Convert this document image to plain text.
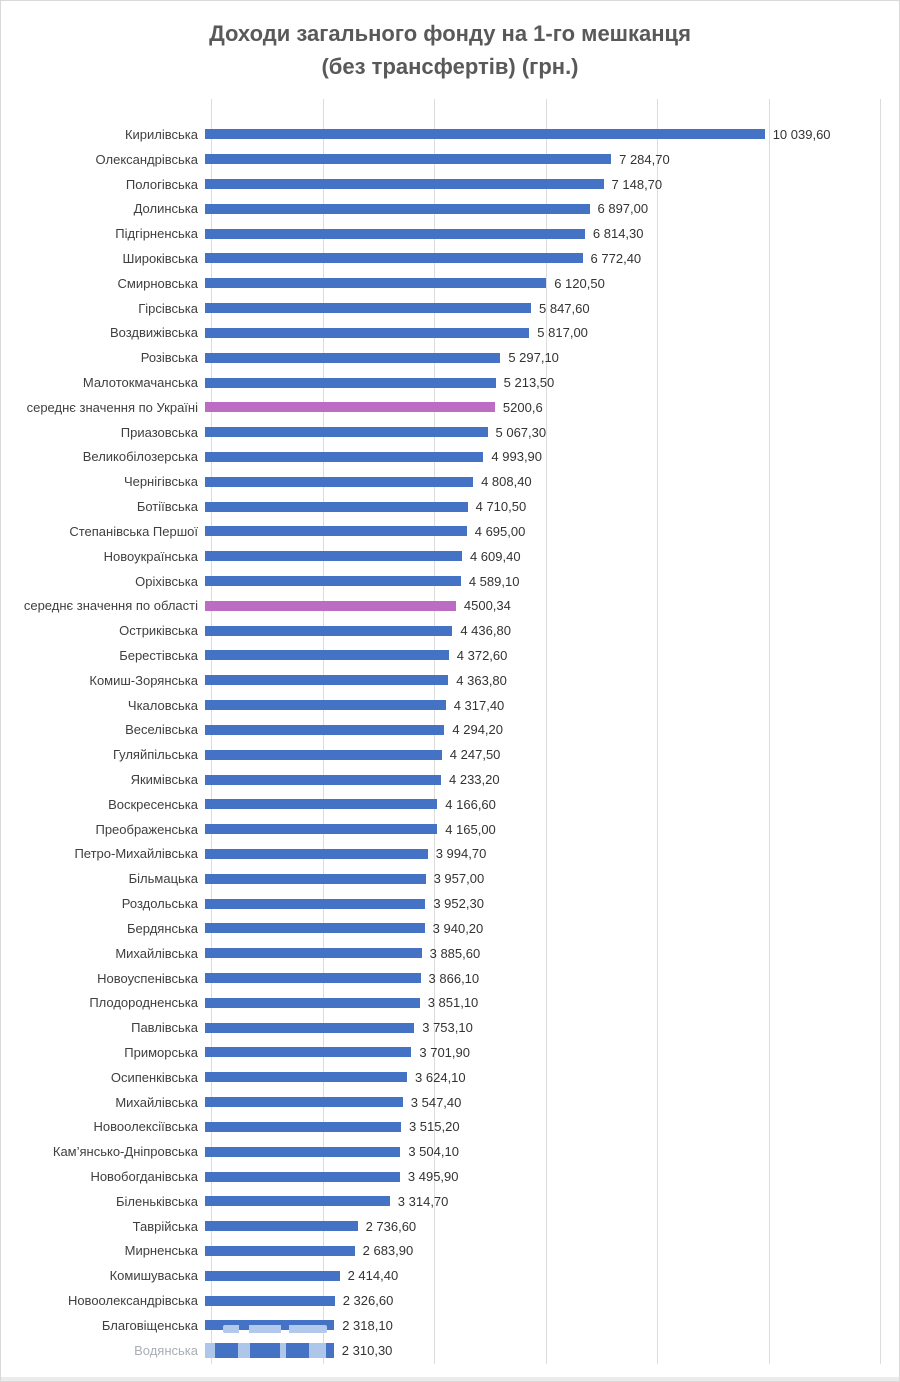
Доходи загального фонду на 1-го мешканця
(без трансфертів) (грн.)
Кирилівська	10 039,60
Олександрівська	7 284,70
Пологівська	7 148,70
Долинська	6 897,00
Підгірненська	6 814,30
Широківська	6 772,40
Смирновська	6 120,50
Гірсівська	5 847,60
Воздвижівська	5 817,00
Розівська	5 297,10
Малотокмачанська	5 213,50
середнє значення по Україні	5200,6
Приазовська	5 067,30
Великобілозерська	4 993,90
Чернігівська	4 808,40
Ботіївська	4 710,50
Степанівська Першої	4 695,00
Новоукраїнська	4 609,40
Оріхівська	4 589,10
середнє значення по області	4500,34
Остриківська	4 436,80
Берестівська	4 372,60
Комиш-Зорянська	4 363,80
Чкаловська	4 317,40
Веселівська	4 294,20
Гуляйпільська	4 247,50
Якимівська	4 233,20
Воскресенська	4 166,60
Преображенська	4 165,00
Петро-Михайлівська	3 994,70
Більмацька	3 957,00
Роздольська	3 952,30
Бердянська	3 940,20
Михайлівська	3 885,60
Новоуспенівська	3 866,10
Плодородненська	3 851,10
Павлівська	3 753,10
Приморська	3 701,90
Осипенківська	3 624,10
Михайлівська	3 547,40
Новоолексіївська	3 515,20
Кам’янсько-Дніпровська	3 504,10
Новобогданівська	3 495,90
Біленьківська	3 314,70
Таврійська	2 736,60
Мирненська	2 683,90
Комишуваська	2 414,40
Новоолександрівська	2 326,60
Благовіщенська	2 318,10
Водянська	2 310,30
